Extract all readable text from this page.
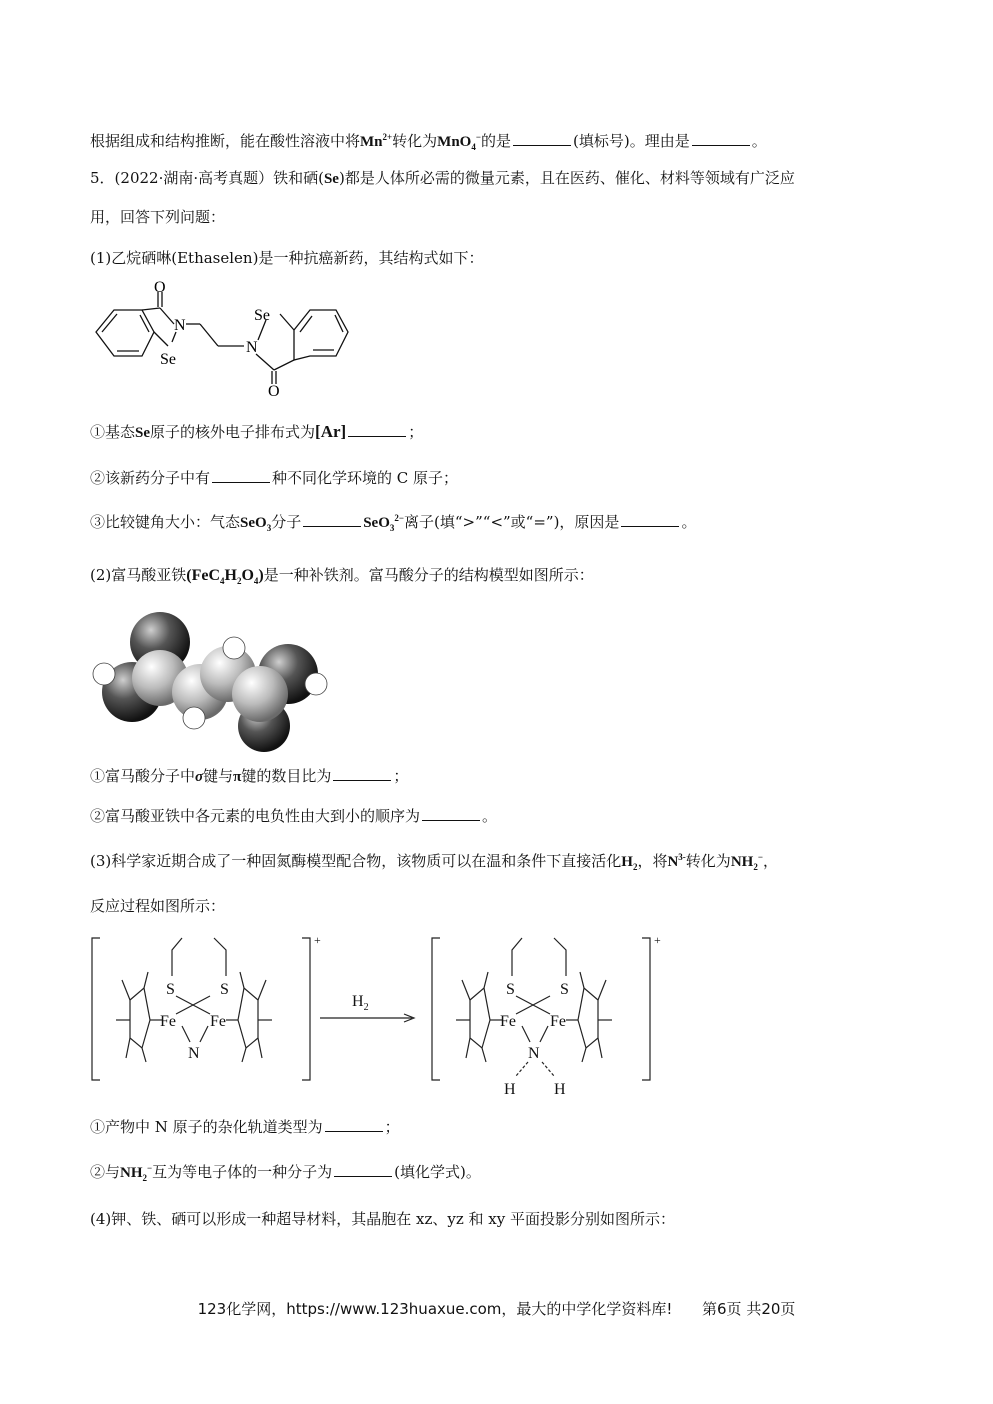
根据组成和结构推断，能在酸性溶液中将$Mn^{2+}$转化为MnO$_4$−的是	(填标号)。理由是	。
5．(2022·湖南·高考真题）铁和硒(Se)都是人体所必需的微量元素，且在医药、催化、材料等领域有广泛应
用，回答下列问题：
(1)乙烷硒啉(Ethaselen)是一种抗癌新药，其结构式如下：
O
N
Se
Se
N
O
①基态Se原子的核外电子排布式为[Ar]	；
②该新药分子中有	种不同化学环境的 C 原子；
③比较键角大小：气态SeO$_3$分子	SeO$_3^{2-}$离子(填“>”“<”或“=”)，原因是	。
(2)富马酸亚铁$(FeC_4H_2O_4)$是一种补铁剂。富马酸分子的结构模型如图所示：
①富马酸分子中σ键与π键的数目比为	；
②富马酸亚铁中各元素的电负性由大到小的顺序为	。
(3)科学家近期合成了一种固氮酶模型配合物，该物质可以在温和条件下直接活化$H_2$，将$N^{3-}$转化为$NH_2^-$，
反应过程如图所示：
+	+
$H_2$
S	S
Fe Fe
N
S	S
Fe Fe
N
H H
①产物中 N 原子的杂化轨道类型为	；
②与$NH_2^-$互为等电子体的一种分子为	(填化学式)。
(4)钾、铁、硒可以形成一种超导材料，其晶胞在 xz、yz 和 xy 平面投影分别如图所示：
123化学网，https://www.123huaxue.com，最大的中学化学资料库! 第6页 共20页
